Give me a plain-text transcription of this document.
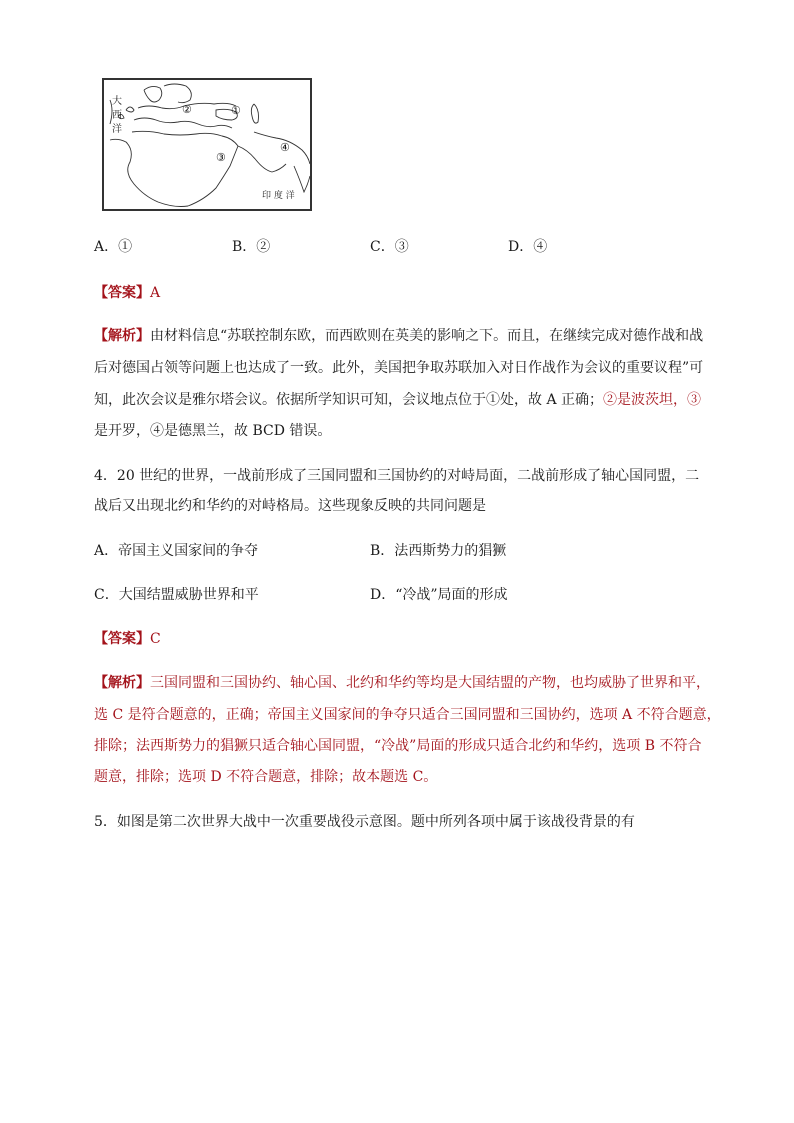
大
西
洋
印 度 洋
①
②
③
④
A．①	B．②	C．③	D．④
【答案】A
【解析】由材料信息“苏联控制东欧，而西欧则在英美的影响之下。而且，在继续完成对德作战和战
后对德国占领等问题上也达成了一致。此外，美国把争取苏联加入对日作战作为会议的重要议程”可
知，此次会议是雅尔塔会议。依据所学知识可知，会议地点位于①处，故 A 正确；②是波茨坦，③
是开罗，④是德黑兰，故 BCD 错误。
4．20 世纪的世界，一战前形成了三国同盟和三国协约的对峙局面，二战前形成了轴心国同盟，二
战后又出现北约和华约的对峙格局。这些现象反映的共同问题是
A．帝国主义国家间的争夺	B．法西斯势力的猖獗
C．大国结盟威胁世界和平	D．“冷战”局面的形成
【答案】C
【解析】三国同盟和三国协约、轴心国、北约和华约等均是大国结盟的产物，也均威胁了世界和平，
选 C 是符合题意的，正确；帝国主义国家间的争夺只适合三国同盟和三国协约，选项 A 不符合题意，
排除；法西斯势力的猖獗只适合轴心国同盟，“冷战”局面的形成只适合北约和华约，选项 B 不符合
题意，排除；选项 D 不符合题意，排除；故本题选 C。
5．如图是第二次世界大战中一次重要战役示意图。题中所列各项中属于该战役背景的有
